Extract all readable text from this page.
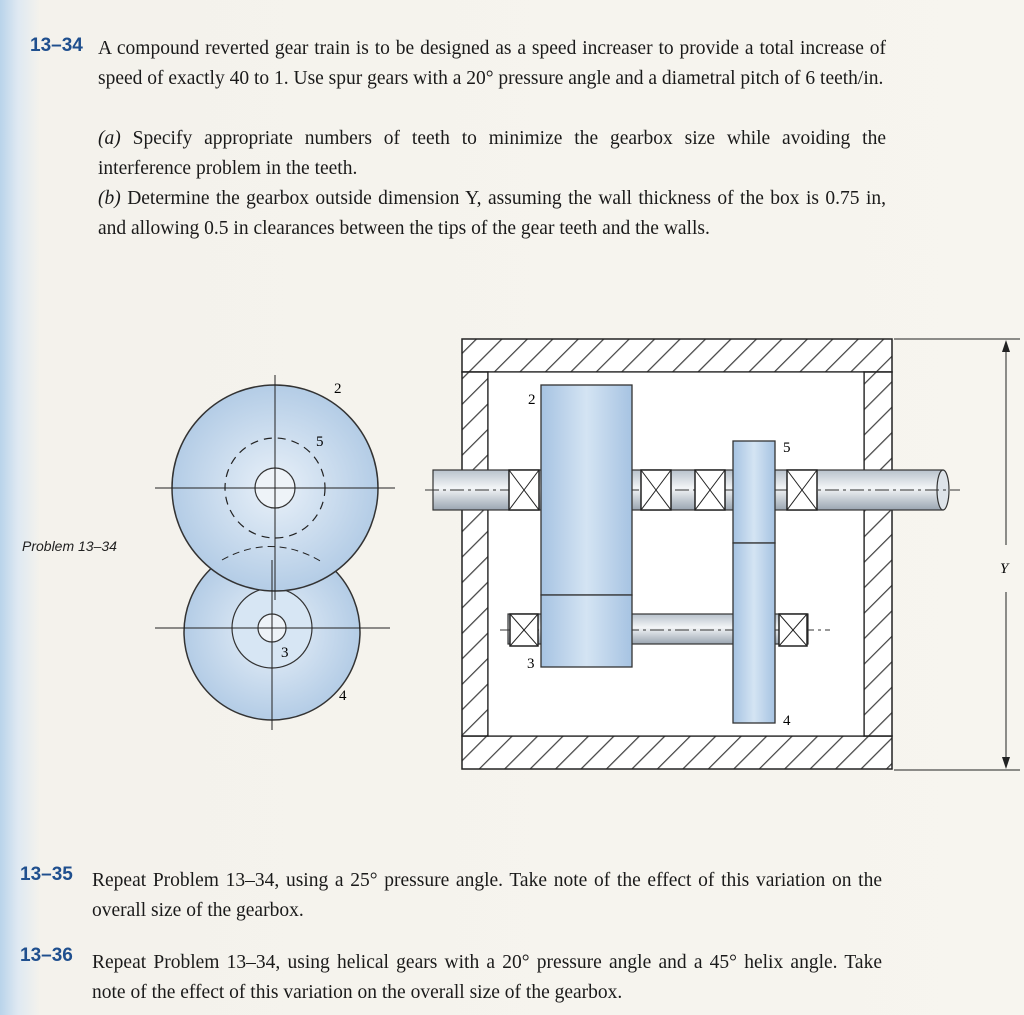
13–34 A compound reverted gear train is to be designed as a speed increaser to provide a total increase of speed of exactly 40 to 1. Use spur gears with a 20° pressure angle and a diametral pitch of 6 teeth/in.
(a) Specify appropriate numbers of teeth to minimize the gearbox size while avoiding the interference problem in the teeth.
(b) Determine the gearbox outside dimension Y, assuming the wall thickness of the box is 0.75 in, and allowing 0.5 in clearances between the tips of the gear teeth and the walls.
Problem 13–34
2
5
3
4
2
5
3
4
Y
13–35 Repeat Problem 13–34, using a 25° pressure angle. Take note of the effect of this variation on the overall size of the gearbox.
13–36 Repeat Problem 13–34, using helical gears with a 20° pressure angle and a 45° helix angle. Take note of the effect of this variation on the overall size of the gearbox.
